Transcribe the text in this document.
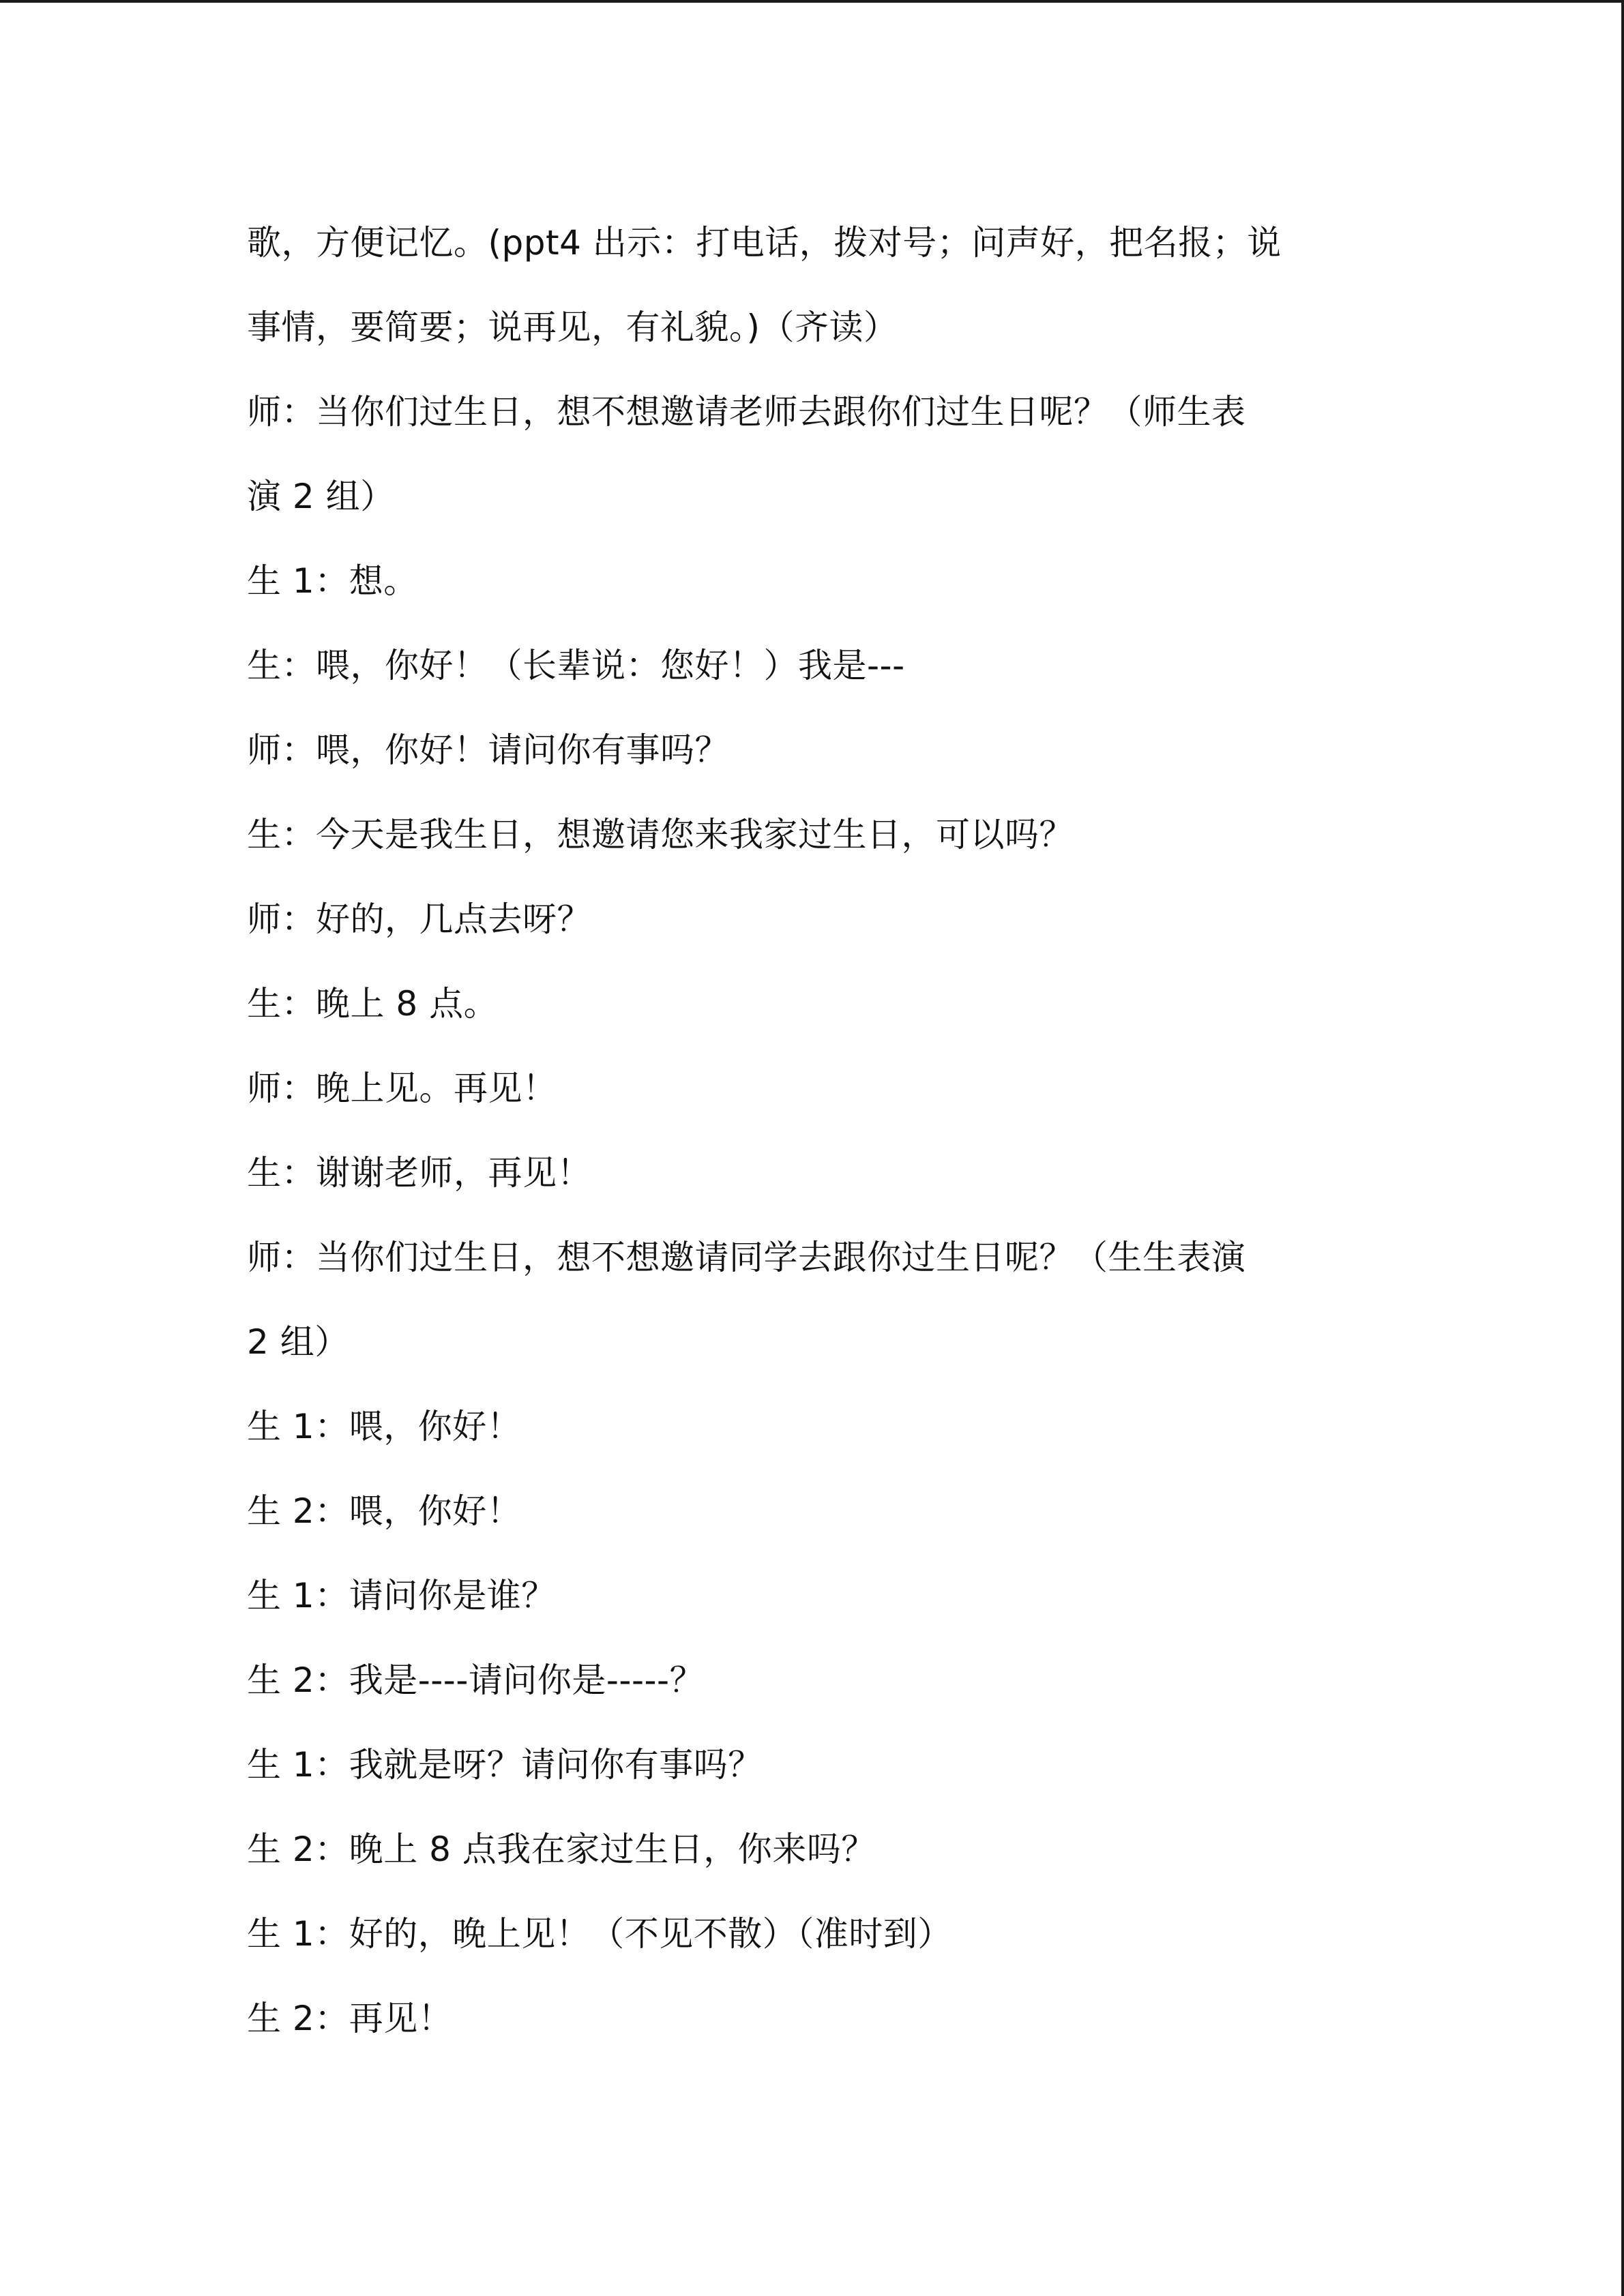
歌，方便记忆。(ppt4 出示：打电话，拨对号；问声好，把名报；说
事情，要简要；说再见，有礼貌。)（齐读）
师：当你们过生日，想不想邀请老师去跟你们过生日呢？（师生表
演 2 组）
生 1：想。
生：喂，你好！（长辈说：您好！）我是---
师：喂，你好！请问你有事吗？
生：今天是我生日，想邀请您来我家过生日，可以吗？
师：好的，几点去呀？
生：晚上 8 点。
师：晚上见。再见！
生：谢谢老师，再见！
师：当你们过生日，想不想邀请同学去跟你过生日呢？（生生表演
2 组）
生 1：喂，你好！
生 2：喂，你好！
生 1：请问你是谁？
生 2：我是----请问你是-----？
生 1：我就是呀？请问你有事吗？
生 2：晚上 8 点我在家过生日，你来吗？
生 1：好的，晚上见！（不见不散）（准时到）
生 2：再见！
